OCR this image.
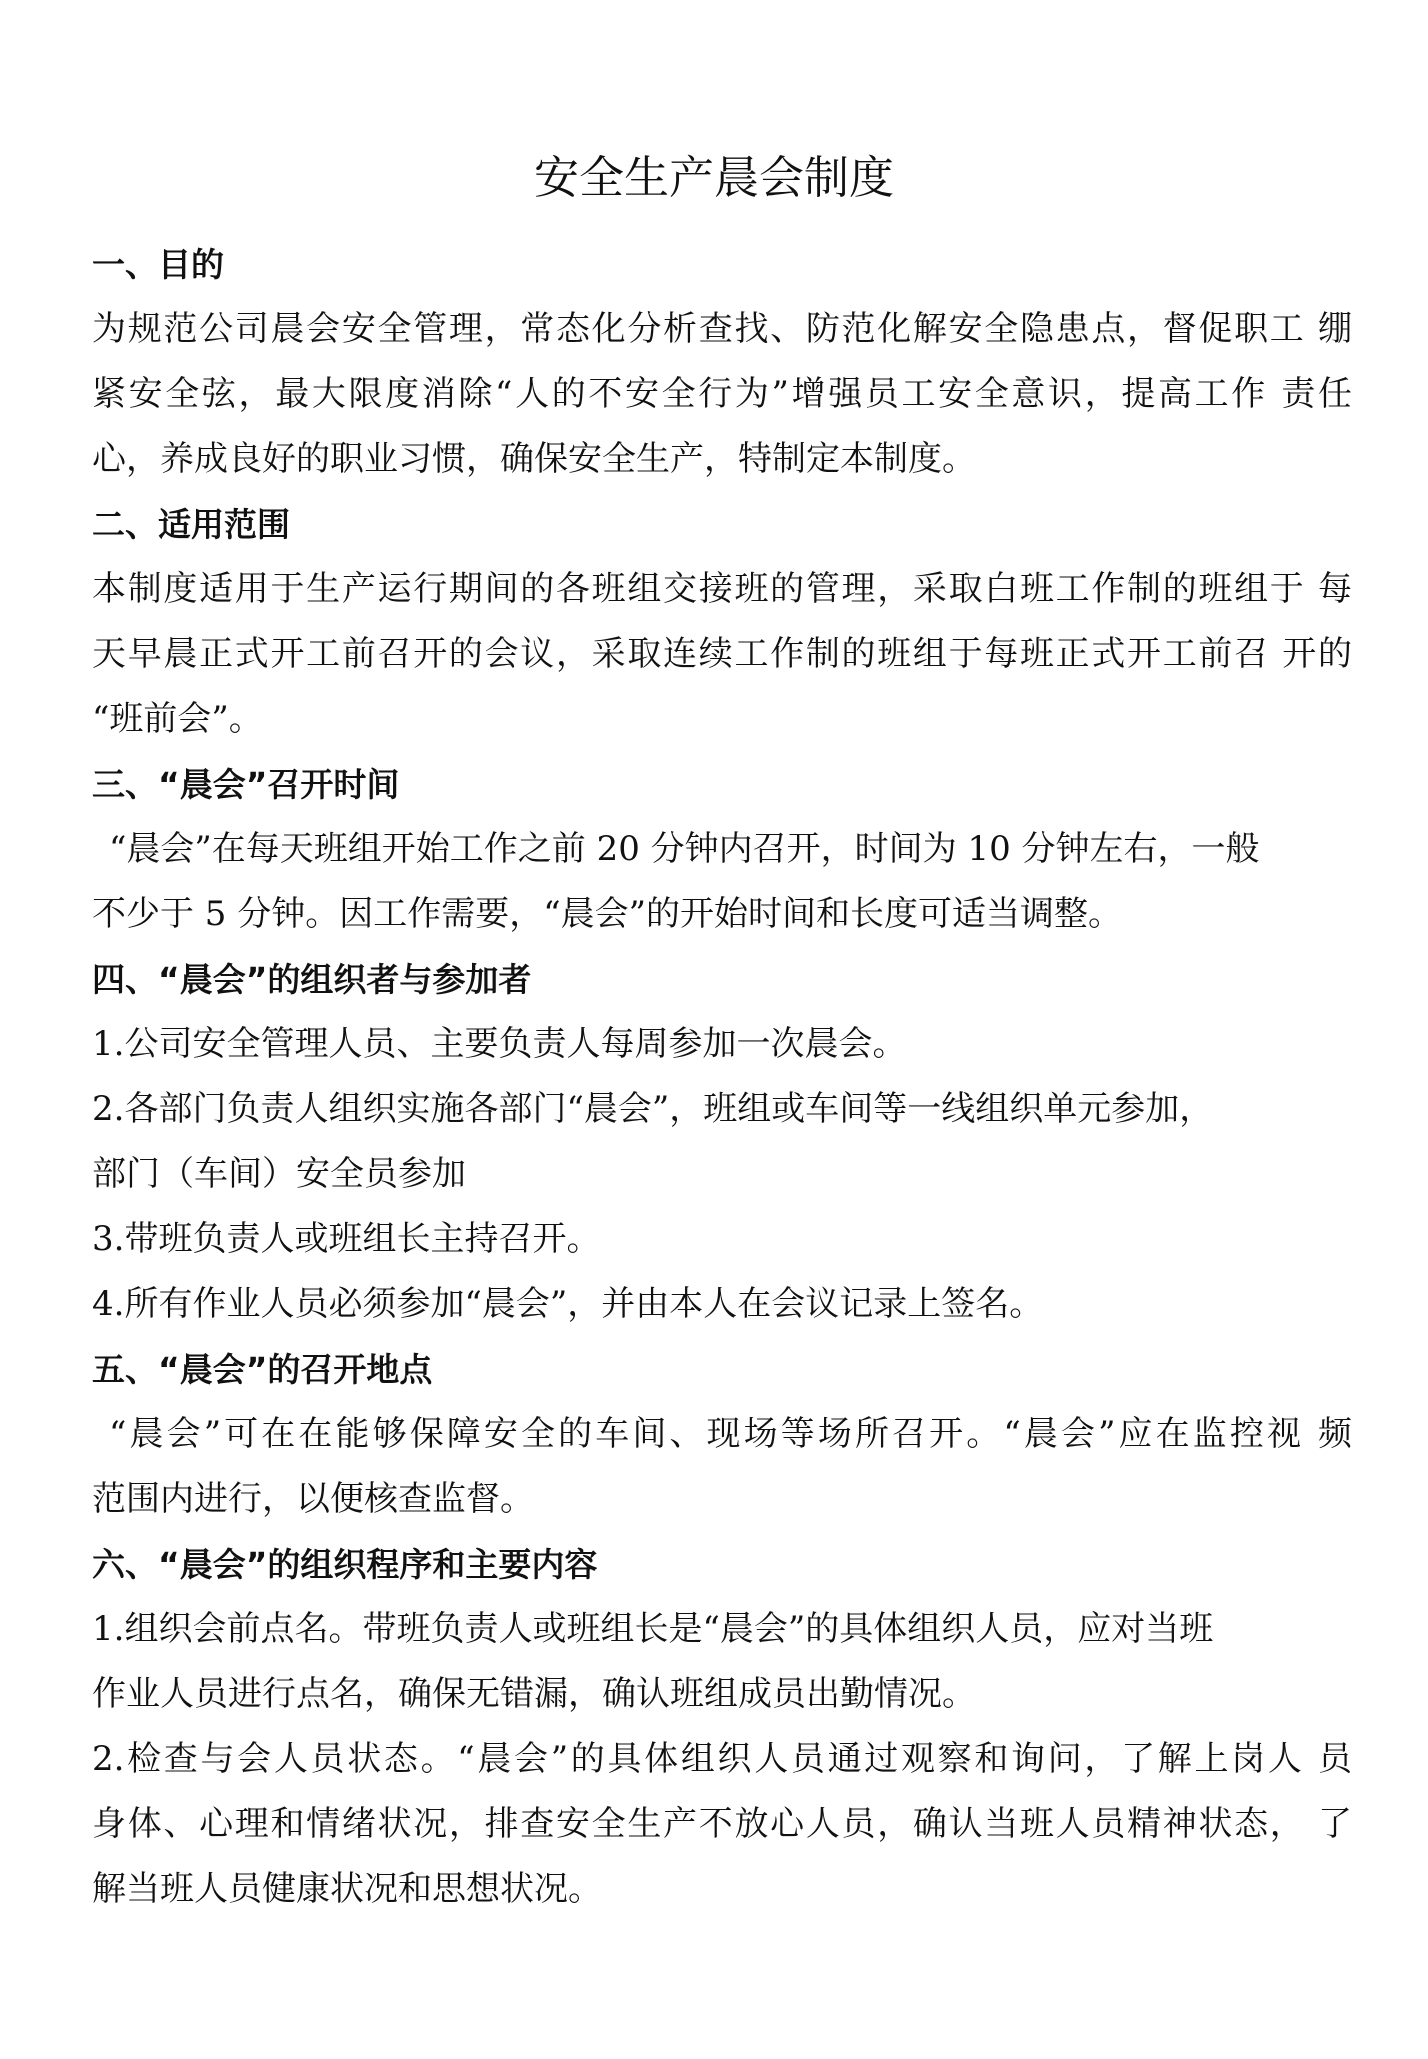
安全生产晨会制度
一、目的
为规范公司晨会安全管理，常态化分析查找、防范化解安全隐患点，督促职工 绷
紧安全弦，最大限度消除“人的不安全行为”增强员工安全意识，提高工作 责任
心，养成良好的职业习惯，确保安全生产，特制定本制度。
二、适用范围
本制度适用于生产运行期间的各班组交接班的管理，采取白班工作制的班组于 每
天早晨正式开工前召开的会议，采取连续工作制的班组于每班正式开工前召 开的
“班前会”。
三、“晨会”召开时间
“晨会”在每天班组开始工作之前 20 分钟内召开，时间为 10 分钟左右，一般
不少于 5 分钟。因工作需要，“晨会”的开始时间和长度可适当调整。
四、“晨会”的组织者与参加者
1.公司安全管理人员、主要负责人每周参加一次晨会。
2.各部门负责人组织实施各部门“晨会”，班组或车间等一线组织单元参加，
部门（车间）安全员参加
3.带班负责人或班组长主持召开。
4.所有作业人员必须参加“晨会”，并由本人在会议记录上签名。
五、“晨会”的召开地点
“晨会”可在在能够保障安全的车间、现场等场所召开。“晨会”应在监控视 频
范围内进行，以便核查监督。
六、“晨会”的组织程序和主要内容
1.组织会前点名。带班负责人或班组长是“晨会”的具体组织人员，应对当班
作业人员进行点名，确保无错漏，确认班组成员出勤情况。
2.检查与会人员状态。“晨会”的具体组织人员通过观察和询问，了解上岗人 员
身体、心理和情绪状况，排查安全生产不放心人员，确认当班人员精神状态， 了
解当班人员健康状况和思想状况。
